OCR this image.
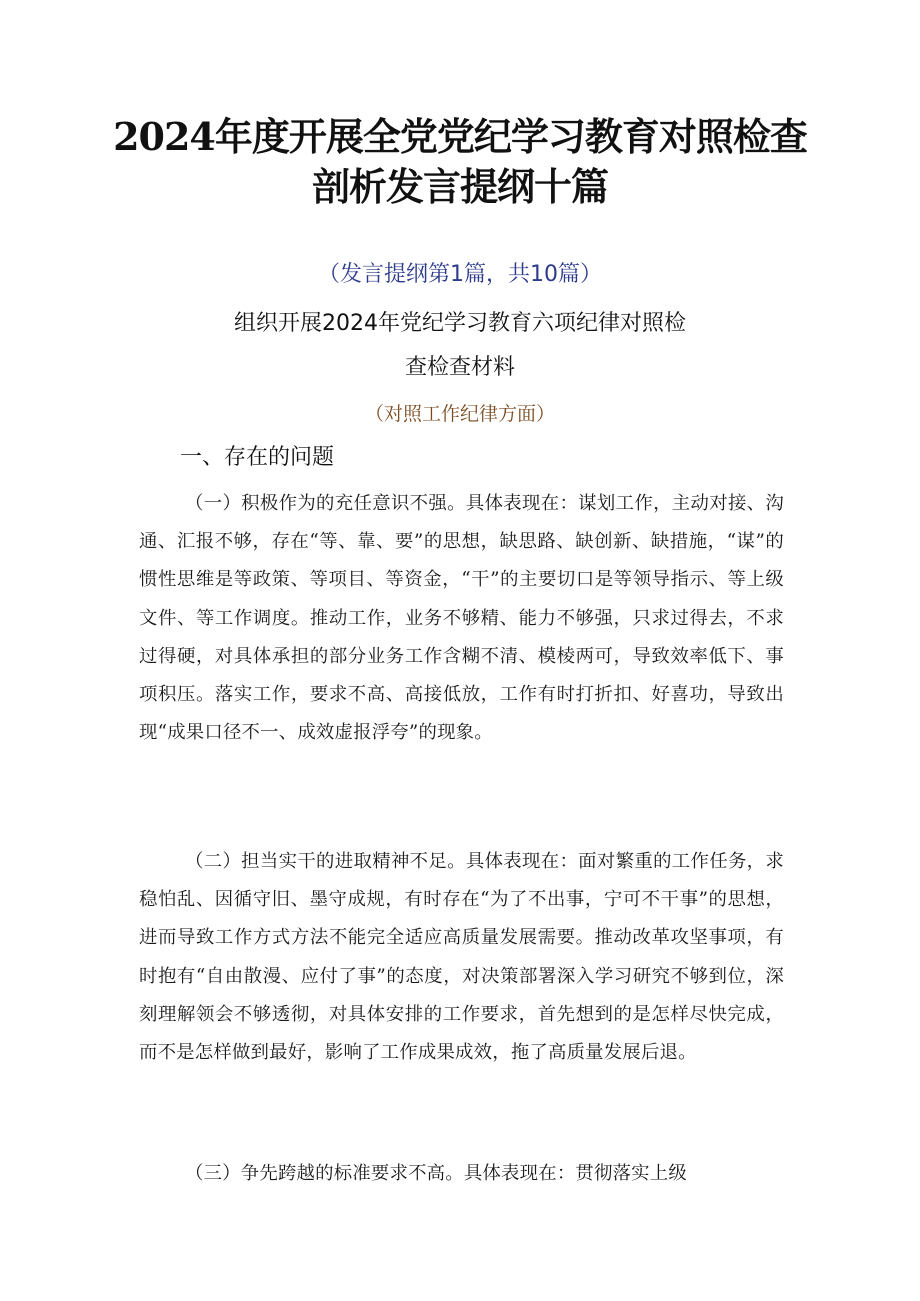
2024年度开展全党党纪学习教育对照检查
剖析发言提纲十篇
（发言提纲第1篇，共10篇）
组织开展2024年党纪学习教育六项纪律对照检
查检查材料
（对照工作纪律方面）
一、存在的问题

（一）积极作为的充任意识不强。具体表现在：谋划工作，主动对接、沟通、汇报不够，存在“等、靠、要”的思想，缺思路、缺创新、缺措施，“谋”的惯性思维是等政策、等项目、等资金，“干”的主要切口是等领导指示、等上级文件、等工作调度。推动工作，业务不够精、能力不够强，只求过得去，不求过得硬，对具体承担的部分业务工作含糊不清、模棱两可，导致效率低下、事项积压。落实工作，要求不高、高接低放，工作有时打折扣、好喜功，导致出现“成果口径不一、成效虚报浮夸”的现象。

（二）担当实干的进取精神不足。具体表现在：面对繁重的工作任务，求稳怕乱、因循守旧、墨守成规，有时存在“为了不出事，宁可不干事”的思想，进而导致工作方式方法不能完全适应高质量发展需要。推动改革攻坚事项，有时抱有“自由散漫、应付了事”的态度，对决策部署深入学习研究不够到位，深刻理解领会不够透彻，对具体安排的工作要求，首先想到的是怎样尽快完成，而不是怎样做到最好，影响了工作成果成效，拖了高质量发展后退。

（三）争先跨越的标准要求不高。具体表现在：贯彻落实上级
